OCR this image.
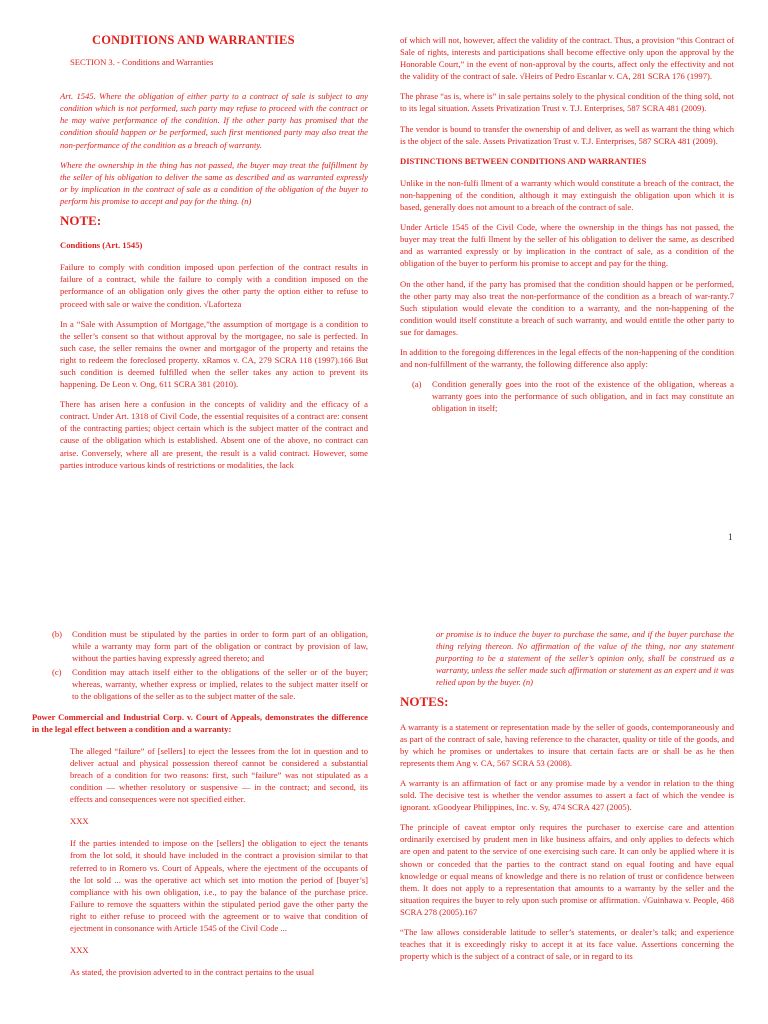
CONDITIONS AND WARRANTIES
SECTION 3. - Conditions and Warranties

Art. 1545. Where the obligation of either party to a contract of sale is subject to any condition which is not performed, such party may refuse to proceed with the contract or he may waive performance of the condition. If the other party has promised that the condition should happen or be performed, such first mentioned party may also treat the non-performance of the condition as a breach of warranty.

Where the ownership in the thing has not passed, the buyer may treat the fulfillment by the seller of his obligation to deliver the same as described and as warranted expressly or by implication in the contract of sale as a condition of the obligation of the buyer to perform his promise to accept and pay for the thing. (n)

NOTE:
Conditions (Art. 1545)

Failure to comply with condition imposed upon perfection of the contract results in failure of a contract, while the failure to comply with a condition imposed on the performance of an obligation only gives the other party the option either to refuse to proceed with sale or waive the condition. √Laforteza

In a “Sale with Assumption of Mortgage,”the assumption of mortgage is a condition to the seller’s consent so that without approval by the mortgagee, no sale is perfected. In such case, the seller remains the owner and mortgagor of the property and retains the right to redeem the foreclosed property. xRamos v. CA, 279 SCRA 118 (1997).166 But such condition is deemed fulfilled when the seller takes any action to prevent its happening. De Leon v. Ong, 611 SCRA 381 (2010).

There has arisen here a confusion in the concepts of validity and the efficacy of a contract. Under Art. 1318 of Civil Code, the essential requisites of a contract are: consent of the contracting parties; object certain which is the subject matter of the contract and cause of the obligation which is established. Absent one of the above, no contract can arise. Conversely, where all are present, the result is a valid contract. However, some parties introduce various kinds of restrictions or modalities, the lack

of which will not, however, affect the validity of the contract. Thus, a provision “this Contract of Sale of rights, interests and participations shall become effective only upon the approval by the Honorable Court,” in the event of non-approval by the courts, affect only the effectivity and not the validity of the contract of sale. √Heirs of Pedro Escanlar v. CA, 281 SCRA 176 (1997).

The phrase “as is, where is” in sale pertains solely to the physical condition of the thing sold, not to its legal situation. Assets Privatization Trust v. T.J. Enterprises, 587 SCRA 481 (2009).

The vendor is bound to transfer the ownership of and deliver, as well as warrant the thing which is the object of the sale. Assets Privatization Trust v. T.J. Enterprises, 587 SCRA 481 (2009).

DISTINCTIONS BETWEEN CONDITIONS AND WARRANTIES

Unlike in the non-fulfi llment of a warranty which would constitute a breach of the contract, the non-happening of the condition, although it may extinguish the obligation upon which it is based, generally does not amount to a breach of the contract of sale.

Under Article 1545 of the Civil Code, where the ownership in the things has not passed, the buyer may treat the fulfi llment by the seller of his obligation to deliver the same, as described and as warranted expressly or by implication in the contract of sale, as a condition of the obligation of the buyer to perform his promise to accept and pay for the thing.

On the other hand, if the party has promised that the condition should happen or be performed, the other party may also treat the non-performance of the condition as a breach of war-ranty.7 Such stipulation would elevate the condition to a warranty, and the non-happening of the condition would itself constitute a breach of such warranty, and would entitle the other party to sue for damages.

In addition to the foregoing differences in the legal effects of the non-happening of the condition and non-fulfillment of the warranty, the following difference also apply:

(a)	Condition generally goes into the root of the existence of the obligation, whereas a warranty goes into the performance of such obligation, and in fact may constitute an obligation in itself;
1
(b)	Condition must be stipulated by the parties in order to form part of an obligation, while a warranty may form part of the obligation or contract by provision of law, without the parties having expressly agreed thereto; and
(c)	Condition may attach itself either to the obligations of the seller or of the buyer; whereas, warranty, whether express or implied, relates to the subject matter itself or to the obligations of the seller as to the subject matter of the sale.

Power Commercial and Industrial Corp. v. Court of Appeals, demonstrates the difference in the legal effect between a condition and a warranty:

The alleged “failure” of [sellers] to eject the lessees from the lot in question and to deliver actual and physical possession thereof cannot be considered a substantial breach of a condition for two reasons: first, such “failure” was not stipulated as a condition — whether resolutory or suspensive — in the contract; and second, its effects and consequences were not specified either.

XXX

If the parties intended to impose on the [sellers] the obligation to eject the tenants from the lot sold, it should have included in the contract a provision similar to that referred to in Romero vs. Court of Appeals, where the ejectment of the occupants of the lot sold ... was the operative act which set into motion the period of [buyer’s] compliance with his own obligation, i.e., to pay the balance of the purchase price. Failure to remove the squatters within the stipulated period gave the other party the right to either refuse to proceed with the agreement or to waive that condition of ejectment in consonance with Article 1545 of the Civil Code ...

XXX

As stated, the provision adverted to in the contract pertains to the usual

or promise is to induce the buyer to purchase the same, and if the buyer purchase the thing relying thereon. No affirmation of the value of the thing, nor any statement purporting to be a statement of the seller’s opinion only, shall be construed as a warranty, unless the seller made such affirmation or statement as an expert and it was relied upon by the buyer. (n)

NOTES:

A warranty is a statement or representation made by the seller of goods, contemporaneously and as part of the contract of sale, having reference to the character, quality or title of the goods, and by which he promises or undertakes to insure that certain facts are or shall be as he then represents them Ang v. CA, 567 SCRA 53 (2008).

A warranty is an affirmation of fact or any promise made by a vendor in relation to the thing sold. The decisive test is whether the vendor assumes to assert a fact of which the vendee is ignorant. xGoodyear Philippines, Inc. v. Sy, 474 SCRA 427 (2005).

The principle of caveat emptor only requires the purchaser to exercise care and attention ordinarily exercised by prudent men in like business affairs, and only applies to defects which are open and patent to the service of one exercising such care. It can only be applied where it is shown or conceded that the parties to the contract stand on equal footing and have equal knowledge or equal means of knowledge and there is no relation of trust or confidence between them. It does not apply to a representation that amounts to a warranty by the seller and the situation requires the buyer to rely upon such promise or affirmation. √Guinhawa v. People, 468 SCRA 278 (2005).167

“The law allows considerable latitude to seller’s statements, or dealer’s talk; and experience teaches that it is exceedingly risky to accept it at its face value. Assertions concerning the property which is the subject of a contract of sale, or in regard to its
